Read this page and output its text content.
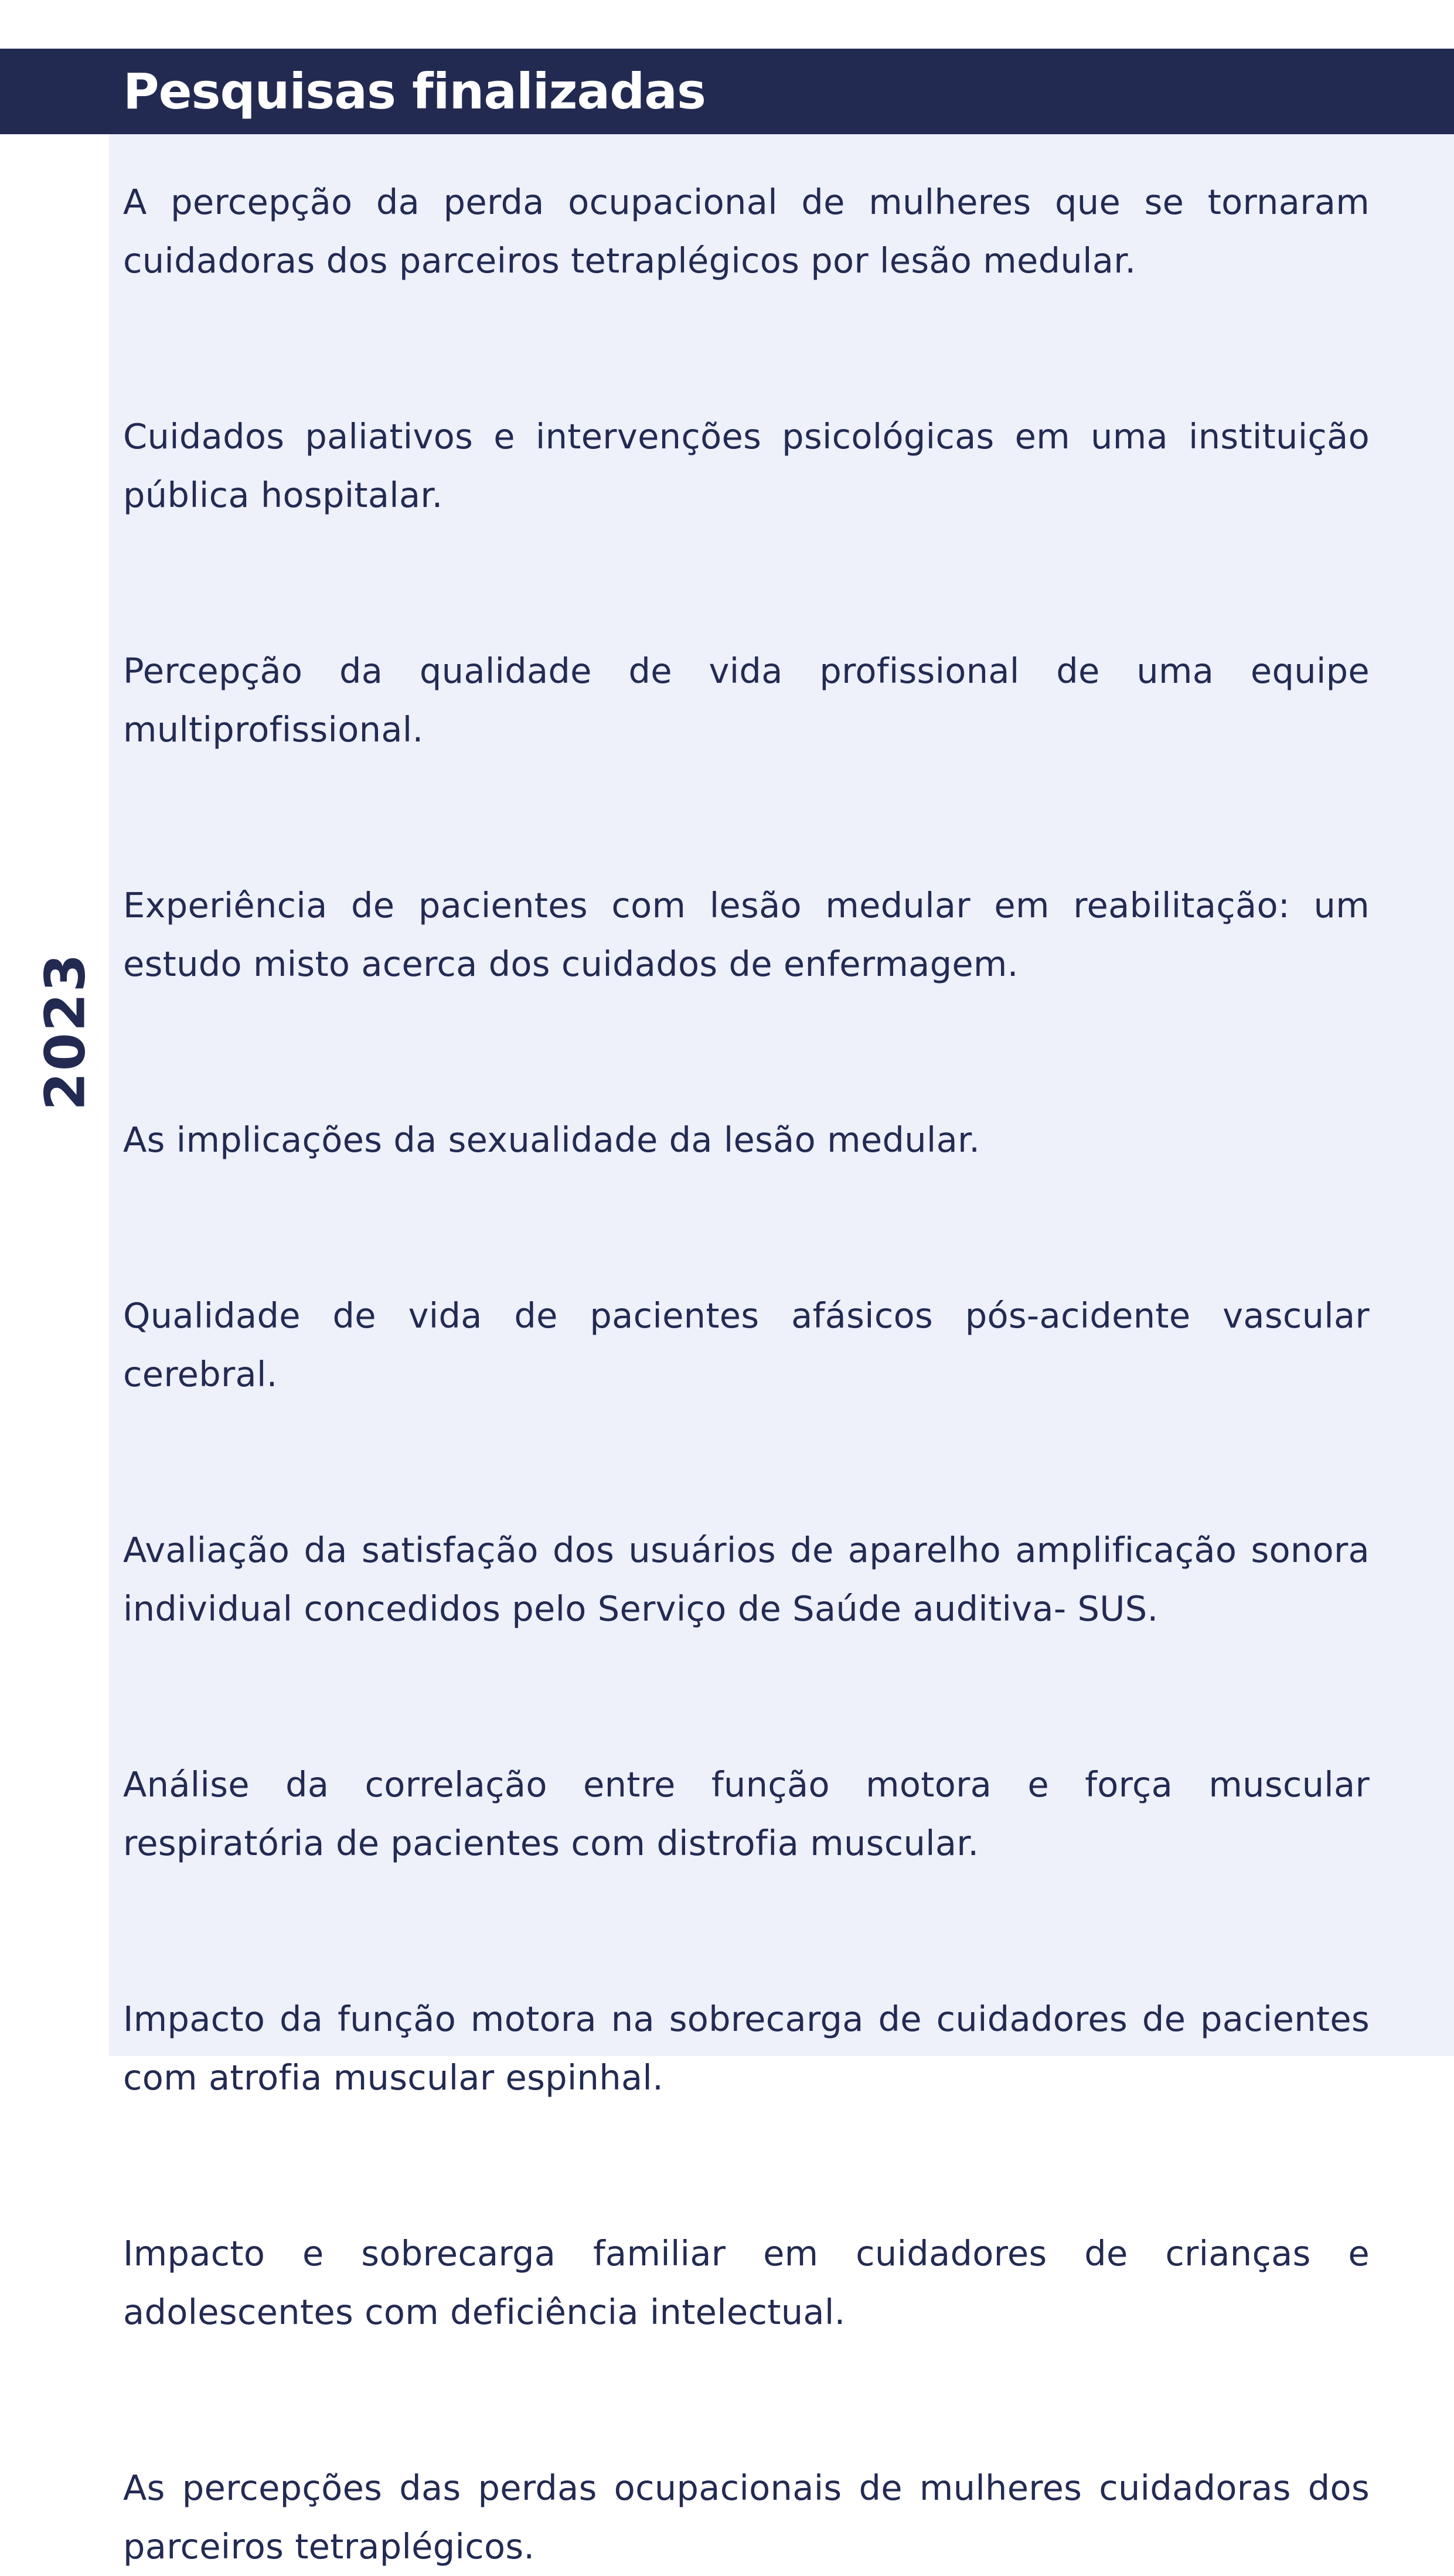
Pesquisas finalizadas
2023
A percepção da perda ocupacional de mulheres que se tornaram cuidadoras dos parceiros tetraplégicos por lesão medular.
Cuidados paliativos e intervenções psicológicas em uma instituição pública hospitalar.
Percepção da qualidade de vida profissional de uma equipe multiprofissional.
Experiência de pacientes com lesão medular em reabilitação: um estudo misto acerca dos cuidados de enfermagem.
As implicações da sexualidade da lesão medular.
Qualidade de vida de pacientes afásicos pós-acidente vascular cerebral.
Avaliação da satisfação dos usuários de aparelho amplificação sonora individual concedidos pelo Serviço de Saúde auditiva- SUS.
Análise da correlação entre função motora e força muscular respiratória de pacientes com distrofia muscular.
Impacto da função motora na sobrecarga de cuidadores de pacientes com atrofia muscular espinhal.
Impacto e sobrecarga familiar em cuidadores de crianças e adolescentes com deficiência intelectual.
As percepções das perdas ocupacionais de mulheres cuidadoras dos parceiros tetraplégicos.
